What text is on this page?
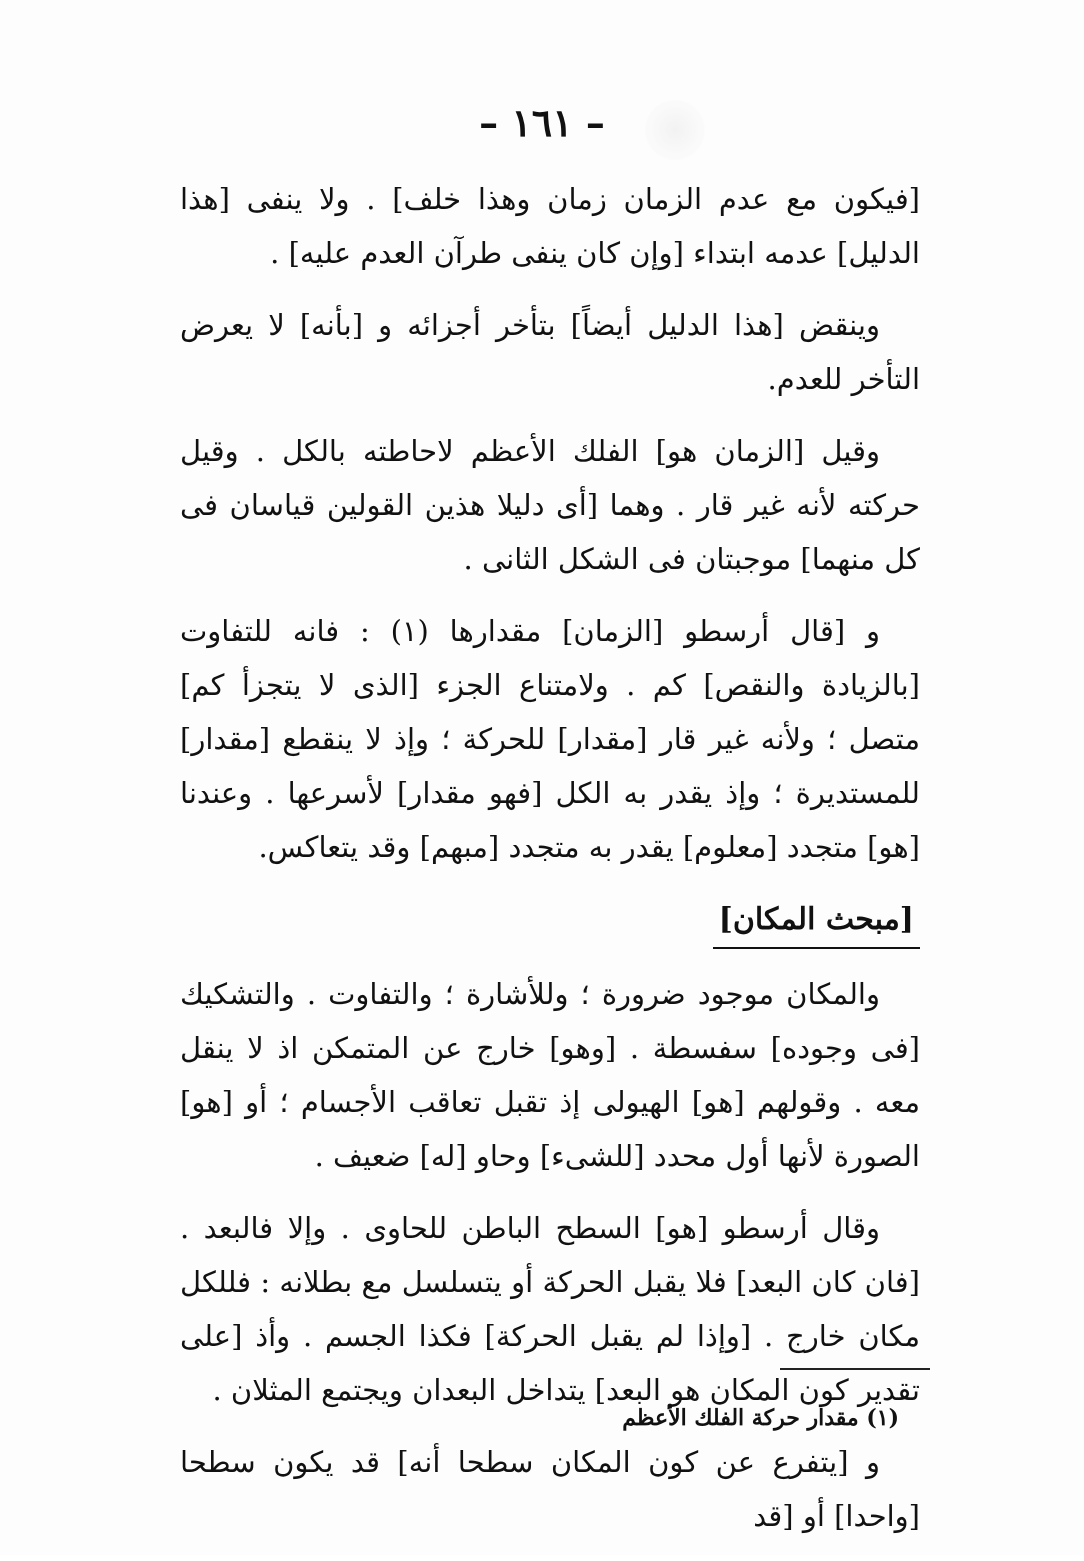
– ١٦١ –

[فيكون مع عدم الزمان زمان وهذا خلف] . ولا ينفى [هذا الدليل] عدمه ابتداء [وإن كان ينفى طرآن العدم عليه] .

وينقض [هذا الدليل أيضاً] بتأخر أجزائه و [بأنه] لا يعرض التأخر للعدم.

وقيل [الزمان هو] الفلك الأعظم لاحاطته بالكل . وقيل حركته لأنه غير قار . وهما [أى دليلا هذين القولين قياسان فى كل منهما] موجبتان فى الشكل الثانى .

و [قال أرسطو [الزمان] مقدارها (١) : فانه للتفاوت [بالزيادة والنقص] كم . ولامتناع الجزء [الذى لا يتجزأ كم] متصل ؛ ولأنه غير قار [مقدار] للحركة ؛ وإذ لا ينقطع [مقدار] للمستديرة ؛ وإذ يقدر به الكل [فهو مقدار] لأسرعها . وعندنا [هو] متجدد [معلوم] يقدر به متجدد [مبهم] وقد يتعاكس.

[مبحث المكان]

والمكان موجود ضرورة ؛ وللأشارة ؛ والتفاوت . والتشكيك [فى وجوده] سفسطة . [وهو] خارج عن المتمكن اذ لا ينقل معه . وقولهم [هو] الهيولى إذ تقبل تعاقب الأجسام ؛ أو [هو] الصورة لأنها أول محدد [للشىء] وحاو [له] ضعيف .

وقال أرسطو [هو] السطح الباطن للحاوى . وإلا فالبعد . [فان كان البعد] فلا يقبل الحركة أو يتسلسل مع بطلانه : فللكل مكان خارج . [وإذا لم يقبل الحركة] فكذا الجسم . وأذ [على تقدير كون المكان هو البعد] يتداخل البعدان ويجتمع المثلان .

و [يتفرع عن كون المكان سطحا أنه] قد يكون سطحا [واحدا] أو [قد

(١) مقدار حركة الفلك الأعظم
